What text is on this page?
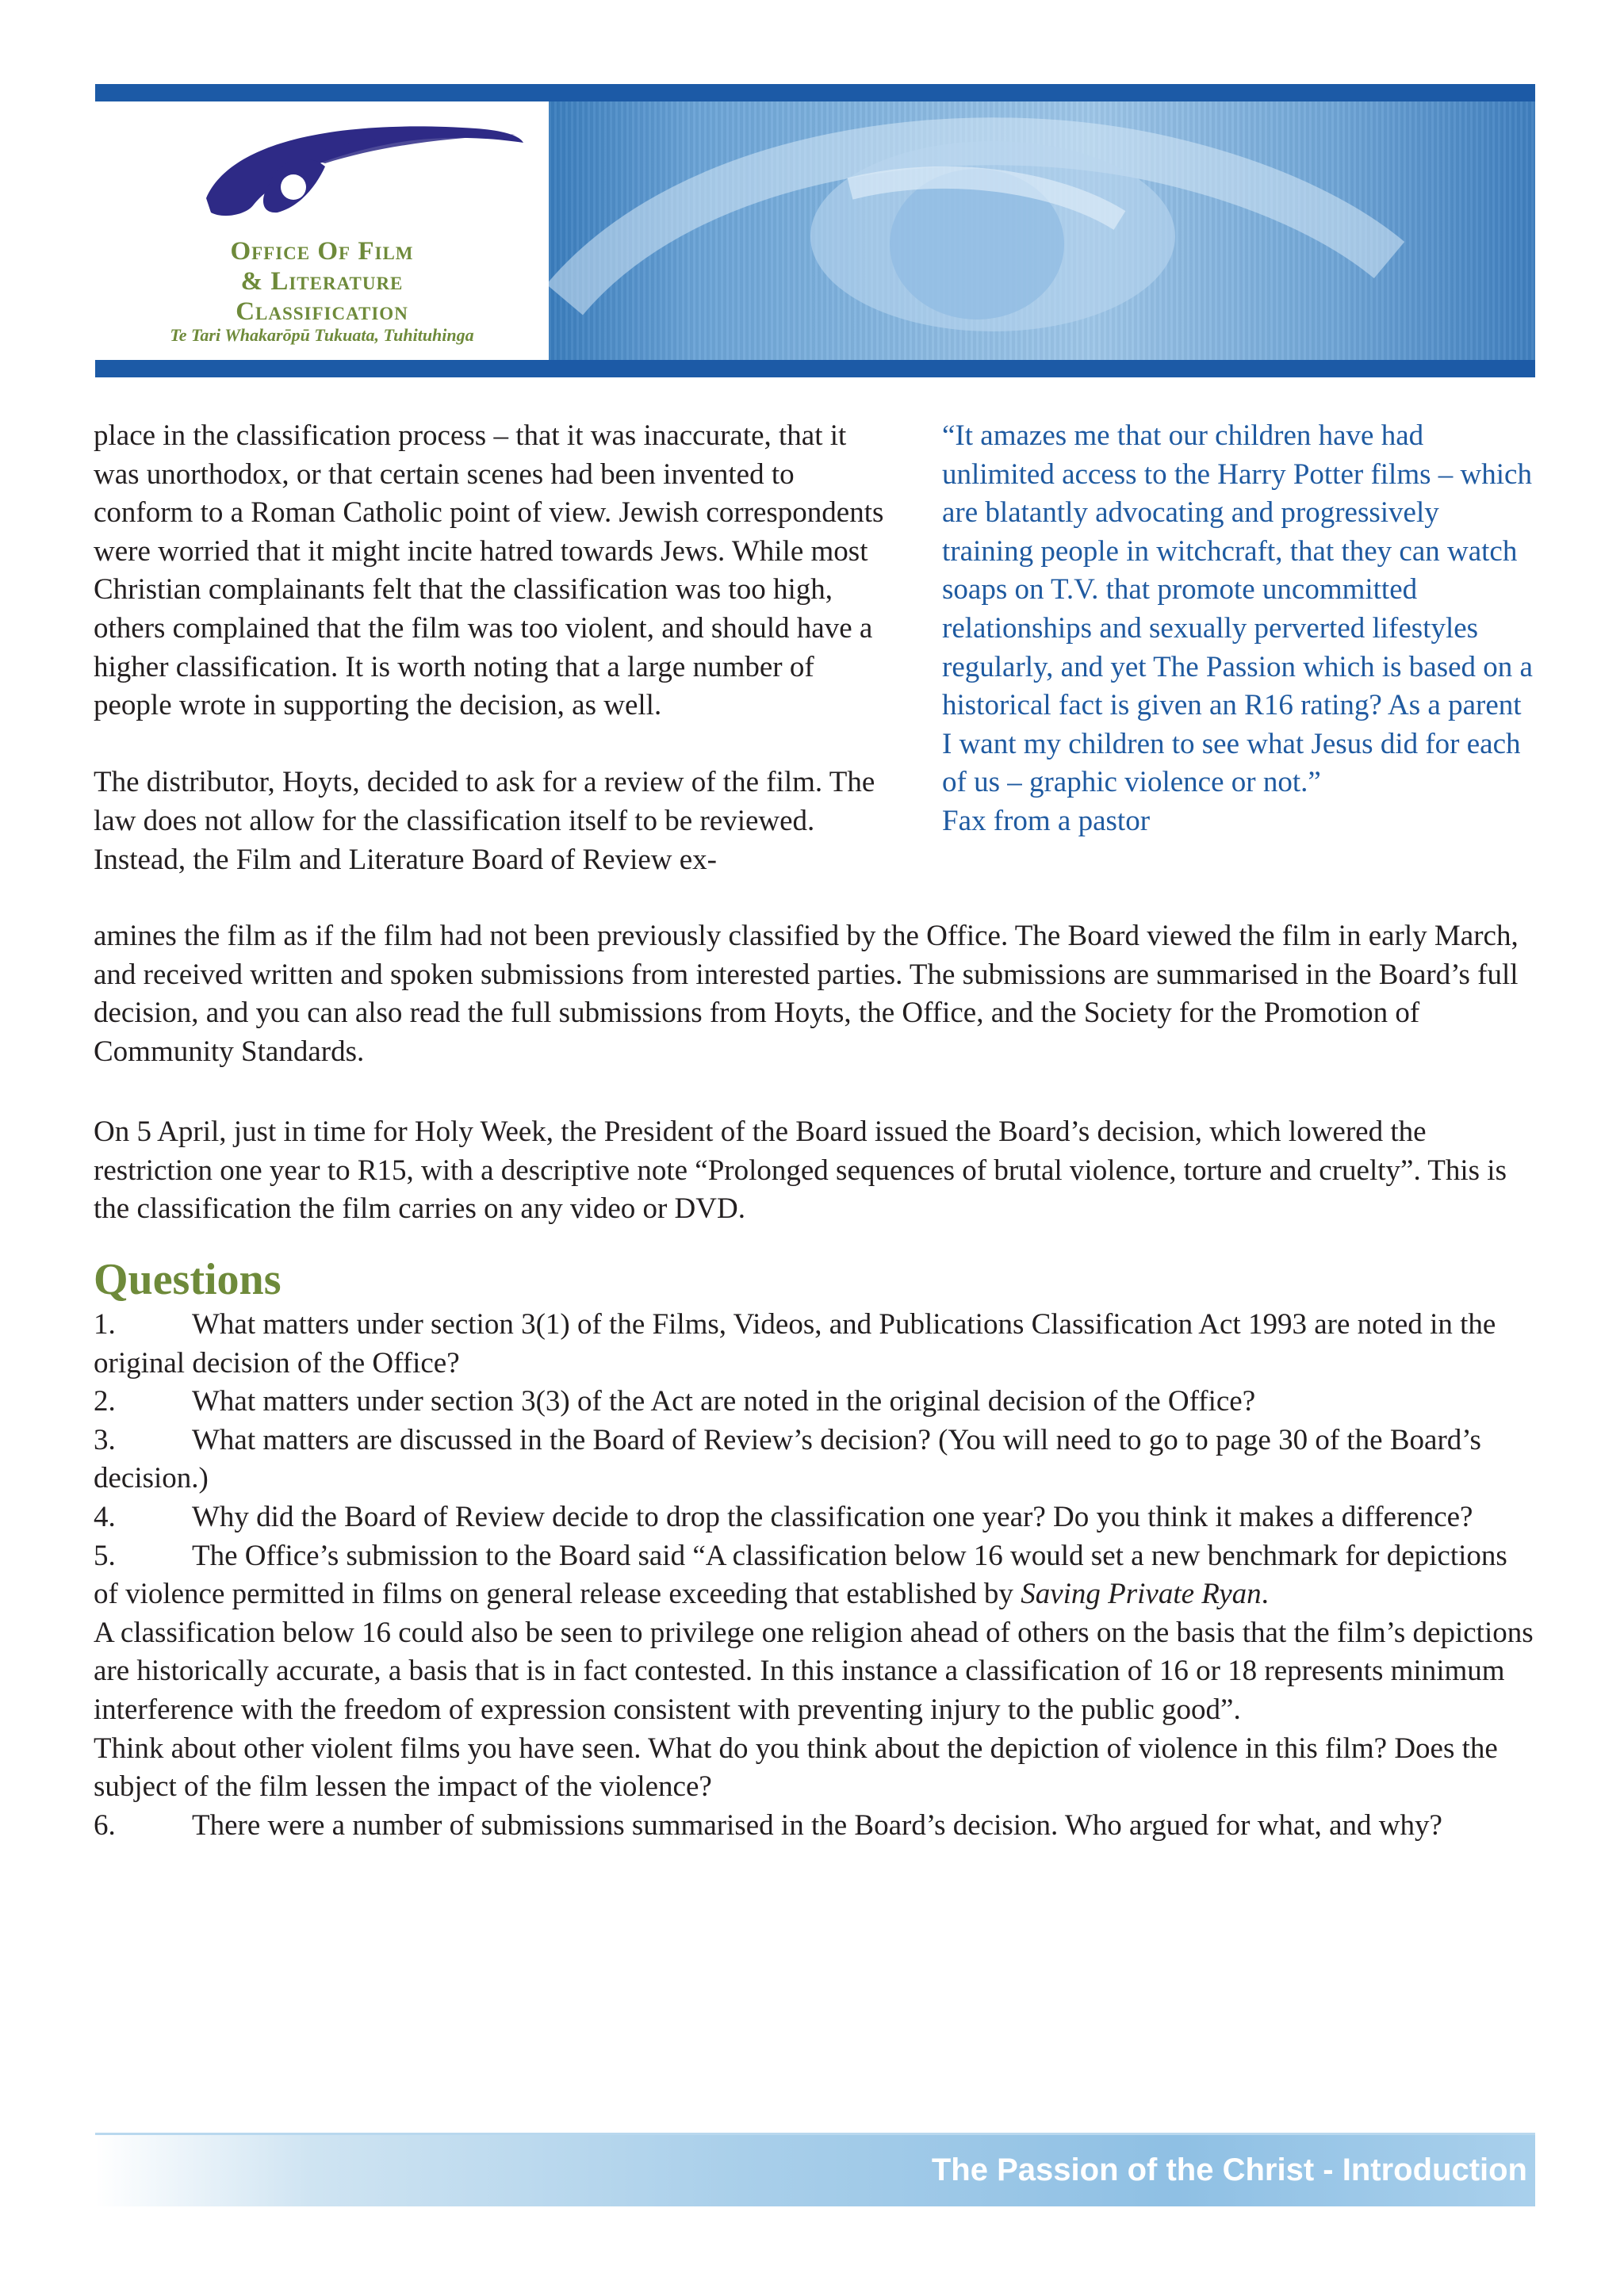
Office Of Film
& Literature
Classification
Te Tari Whakarōpū Tukuata, Tuhituhinga

place in the classification process – that it was inaccurate, that it was unorthodox, or that certain scenes had been invented to conform to a Roman Catholic point of view. Jewish correspondents were worried that it might incite hatred towards Jews. While most Christian complainants felt that the classification was too high, others complained that the film was too violent, and should have a higher classification. It is worth noting that a large number of people wrote in supporting the decision, as well.

The distributor, Hoyts, decided to ask for a review of the film. The law does not allow for the classification itself to be reviewed. Instead, the Film and Literature Board of Review ex-

“It amazes me that our children have had unlimited access to the Harry Potter films – which are blatantly advocating and progressively training people in witchcraft, that they can watch soaps on T.V. that promote uncommitted relationships and sexually perverted lifestyles regularly, and yet The Passion which is based on a historical fact is given an R16 rating? As a parent I want my children to see what Jesus did for each of us – graphic violence or not.”

Fax from a pastor

amines the film as if the film had not been previously classified by the Office. The Board viewed the film in early March, and received written and spoken submissions from interested parties. The submissions are summarised in the Board’s full decision, and you can also read the full submissions from Hoyts, the Office, and the Society for the Promotion of Community Standards.

On 5 April, just in time for Holy Week, the President of the Board issued the Board’s decision, which lowered the restriction one year to R15, with a descriptive note “Prolonged sequences of brutal violence, torture and cruelty”. This is the classification the film carries on any video or DVD.

Questions

1.	What matters under section 3(1) of the Films, Videos, and Publications Classification Act 1993 are noted in the original decision of the Office?

2.	What matters under section 3(3) of the Act are noted in the original decision of the Office?

3.	What matters are discussed in the Board of Review’s decision? (You will need to go to page 30 of the Board’s decision.)

4.	Why did the Board of Review decide to drop the classification one year? Do you think it makes a difference?

5.	The Office’s submission to the Board said “A classification below 16 would set a new benchmark for depictions of violence permitted in films on general release exceeding that established by Saving Private Ryan.

A classification below 16 could also be seen to privilege one religion ahead of others on the basis that the film’s depictions are historically accurate, a basis that is in fact contested. In this instance a classification of 16 or 18 represents minimum interference with the freedom of expression consistent with preventing injury to the public good”.

Think about other violent films you have seen. What do you think about the depiction of violence in this film? Does the subject of the film lessen the impact of the violence?

6.	There were a number of submissions summarised in the Board’s decision. Who argued for what, and why?

The Passion of the Christ - Introduction
